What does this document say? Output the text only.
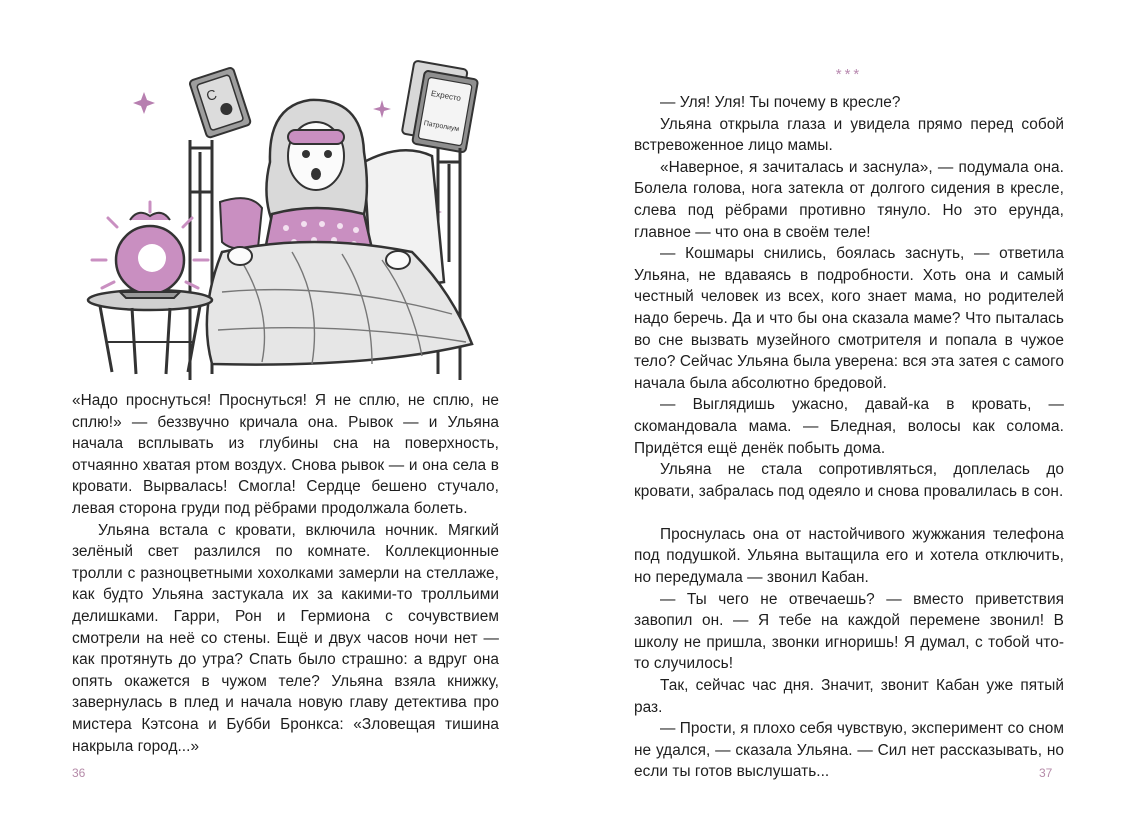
C	Ехресто
Патролиум

«Надо проснуться! Проснуться! Я не сплю, не сплю, не сплю!» — беззвучно кричала она. Рывок — и Ульяна начала всплывать из глубины сна на поверхность, отчаянно хватая ртом воздух. Снова рывок — и она села в кровати. Вырвалась! Смогла! Сердце бешено стучало, левая сторона груди под рёбрами продолжала болеть.

Ульяна встала с кровати, включила ночник. Мягкий зелёный свет разлился по комнате. Коллекционные тролли с разноцветными хохолками замерли на стеллаже, как будто Ульяна застукала их за какими-то тролльими делишками. Гарри, Рон и Гермиона с сочувствием смотрели на неё со стены. Ещё и двух часов ночи нет — как протянуть до утра? Спать было страшно: а вдруг она опять окажется в чужом теле? Ульяна взяла книжку, завернулась в плед и начала новую главу детектива про мистера Кэтсона и Бубби Бронкса: «Зловещая тишина накрыла город...»

36
***

— Уля! Уля! Ты почему в кресле?

Ульяна открыла глаза и увидела прямо перед собой встревоженное лицо мамы.

«Наверное, я зачиталась и заснула», — подумала она. Болела голова, нога затекла от долгого сидения в кресле, слева под рёбрами противно тянуло. Но это ерунда, главное — что она в своём теле!

— Кошмары снились, боялась заснуть, — ответила Ульяна, не вдаваясь в подробности. Хоть она и самый честный человек из всех, кого знает мама, но родителей надо беречь. Да и что бы она сказала маме? Что пыталась во сне вызвать музейного смотрителя и попала в чужое тело? Сейчас Ульяна была уверена: вся эта затея с самого начала была абсолютно бредовой.

— Выглядишь ужасно, давай-ка в кровать, — скомандовала мама. — Бледная, волосы как солома. Придётся ещё денёк побыть дома.

Ульяна не стала сопротивляться, доплелась до кровати, забралась под одеяло и снова провалилась в сон.

Проснулась она от настойчивого жужжания телефона под подушкой. Ульяна вытащила его и хотела отключить, но передумала — звонил Кабан.

— Ты чего не отвечаешь? — вместо приветствия завопил он. — Я тебе на каждой перемене звонил! В школу не пришла, звонки игноришь! Я думал, с тобой что-то случилось!

Так, сейчас час дня. Значит, звонит Кабан уже пятый раз.

— Прости, я плохо себя чувствую, эксперимент со сном не удался, — сказала Ульяна. — Сил нет рассказывать, но если ты готов выслушать...	37
